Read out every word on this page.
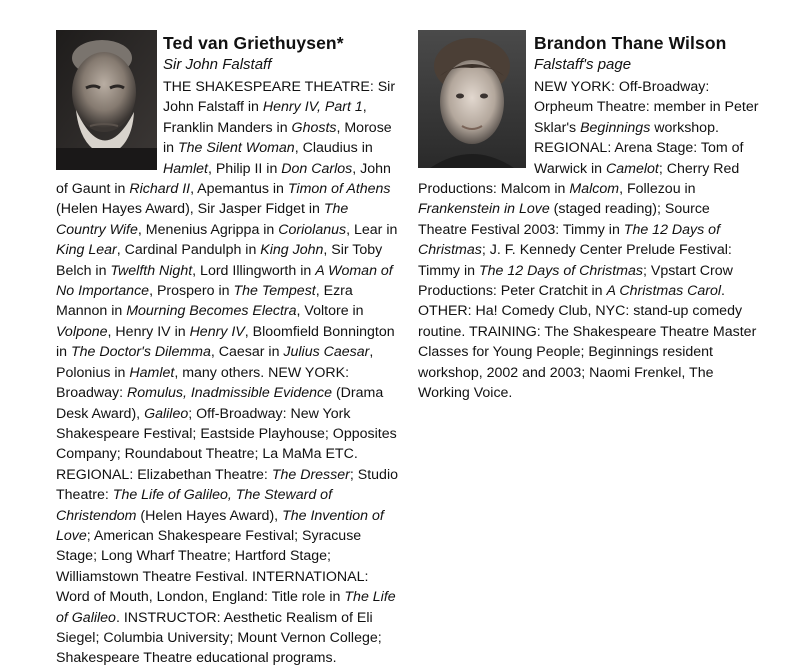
Ted van Griethuysen*
Sir John Falstaff
THE SHAKESPEARE THEATRE: Sir John Falstaff in Henry IV, Part 1, Franklin Manders in Ghosts, Morose in The Silent Woman, Claudius in Hamlet, Philip II in Don Carlos, John of Gaunt in Richard II, Apemantus in Timon of Athens (Helen Hayes Award), Sir Jasper Fidget in The Country Wife, Menenius Agrippa in Coriolanus, Lear in King Lear, Cardinal Pandulph in King John, Sir Toby Belch in Twelfth Night, Lord Illingworth in A Woman of No Importance, Prospero in The Tempest, Ezra Mannon in Mourning Becomes Electra, Voltore in Volpone, Henry IV in Henry IV, Bloomfield Bonnington in The Doctor's Dilemma, Caesar in Julius Caesar, Polonius in Hamlet, many others. NEW YORK: Broadway: Romulus, Inadmissible Evidence (Drama Desk Award), Galileo; Off-Broadway: New York Shakespeare Festival; Eastside Playhouse; Opposites Company; Roundabout Theatre; La MaMa ETC. REGIONAL: Elizabethan Theatre: The Dresser; Studio Theatre: The Life of Galileo, The Steward of Christendom (Helen Hayes Award), The Invention of Love; American Shakespeare Festival; Syracuse Stage; Long Wharf Theatre; Hartford Stage; Williamstown Theatre Festival. INTERNATIONAL: Word of Mouth, London, England: Title role in The Life of Galileo. INSTRUCTOR: Aesthetic Realism of Eli Siegel; Columbia University; Mount Vernon College; Shakespeare Theatre educational programs.
Brandon Thane Wilson
Falstaff's page
NEW YORK: Off-Broadway: Orpheum Theatre: member in Peter Sklar's Beginnings workshop. REGIONAL: Arena Stage: Tom of Warwick in Camelot; Cherry Red Productions: Malcom in Malcom, Follezou in Frankenstein in Love (staged reading); Source Theatre Festival 2003: Timmy in The 12 Days of Christmas; J. F. Kennedy Center Prelude Festival: Timmy in The 12 Days of Christmas; Vpstart Crow Productions: Peter Cratchit in A Christmas Carol. OTHER: Ha! Comedy Club, NYC: stand-up comedy routine. TRAINING: The Shakespeare Theatre Master Classes for Young People; Beginnings resident workshop, 2002 and 2003; Naomi Frenkel, The Working Voice.
